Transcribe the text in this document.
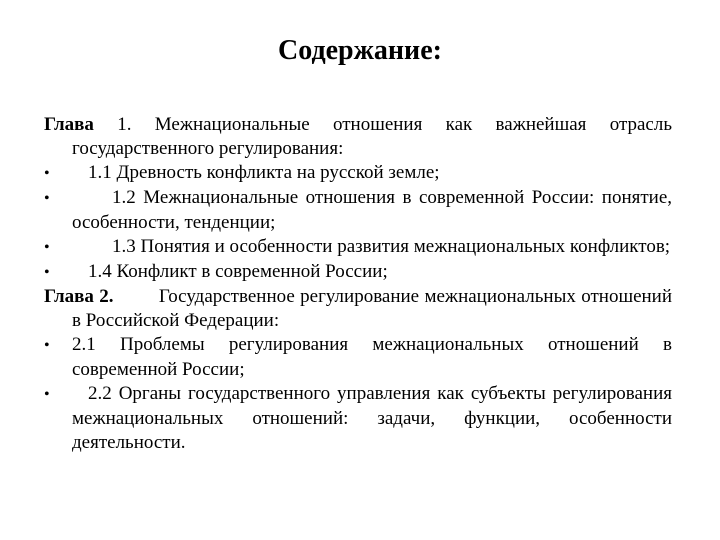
Содержание:
Глава 1. Межнациональные отношения как важнейшая отрасль государственного регулирования:
• 1.1 Древность конфликта на русской земле;
•	1.2 Межнациональные отношения в современной России: понятие, особенности, тенденции;
•	1.3 Понятия и особенности развития межнациональных конфликтов;
• 1.4 Конфликт в современной России;
Глава 2. Государственное регулирование межнациональных отношений в Российской Федерации:
• 2.1 Проблемы регулирования межнациональных отношений в современной России;
• 2.2 Органы государственного управления как субъекты регулирования межнациональных отношений: задачи, функции, особенности деятельности.
